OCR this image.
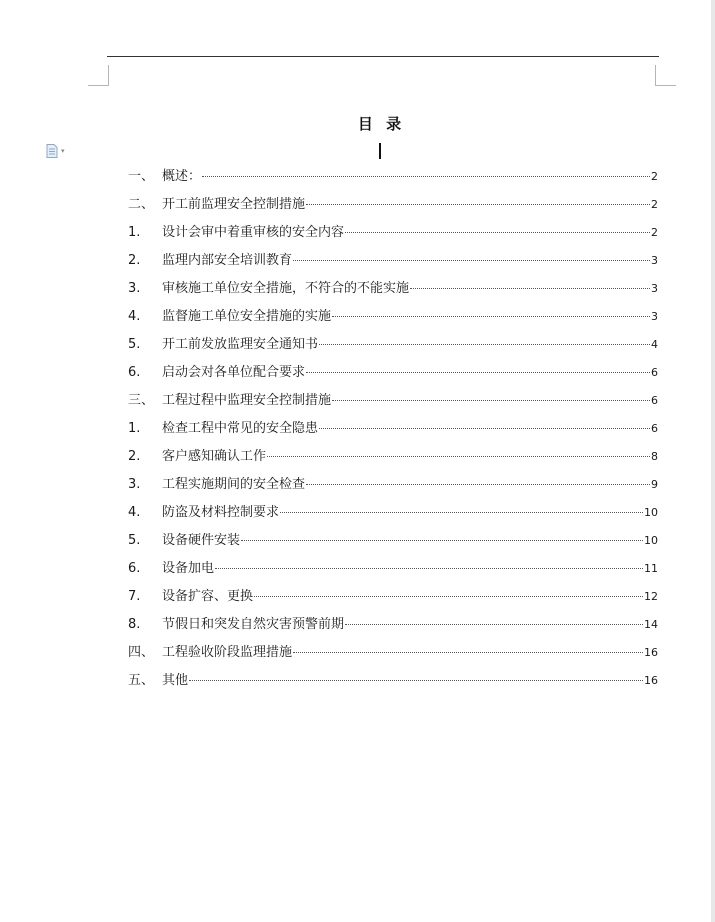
▾
目 录
一、 概述：	2
二、 开工前监理安全控制措施	2
1.	设计会审中着重审核的安全内容	2
2.	监理内部安全培训教育	3
3.	审核施工单位安全措施，不符合的不能实施	3
4.	监督施工单位安全措施的实施	3
5.	开工前发放监理安全通知书	4
6.	启动会对各单位配合要求	6
三、 工程过程中监理安全控制措施	6
1.	检查工程中常见的安全隐患	6
2.	客户感知确认工作	8
3.	工程实施期间的安全检查	9
4.	防盗及材料控制要求	10
5.	设备硬件安装	10
6.	设备加电	11
7.	设备扩容、更换	12
8.	节假日和突发自然灾害预警前期	14
四、 工程验收阶段监理措施	16
五、 其他	16
